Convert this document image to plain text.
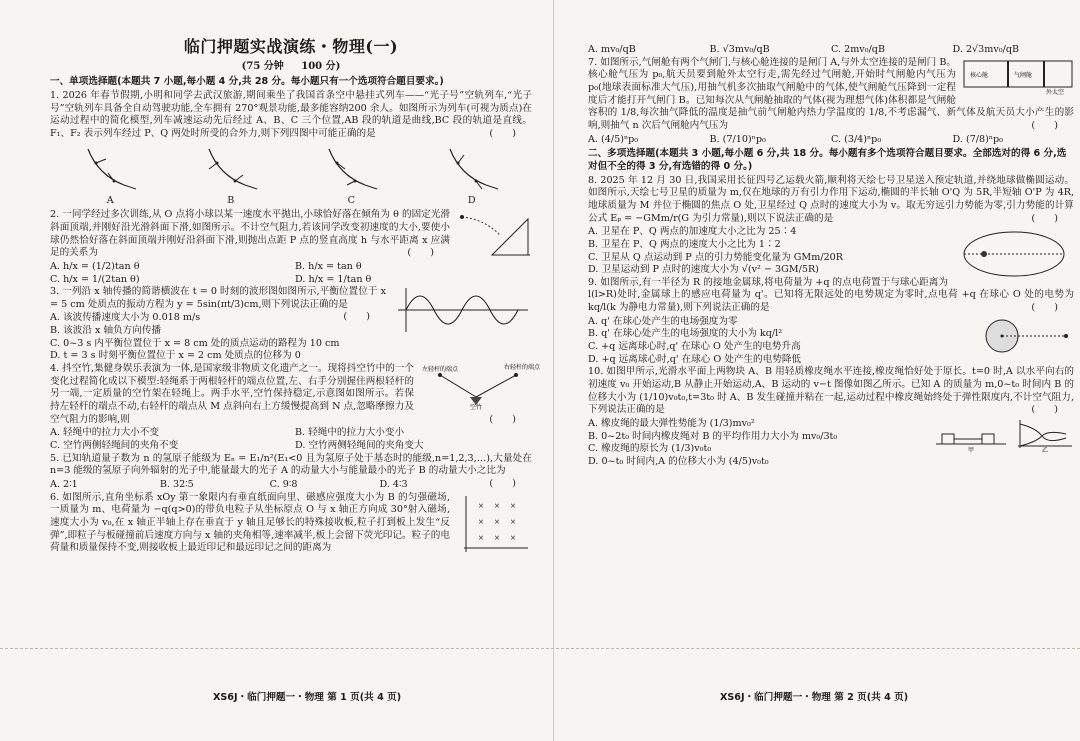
临门押题实战演练・物理(一)
(75 分钟 100 分)
一、单项选择题(本题共 7 小题,每小题 4 分,共 28 分。每小题只有一个选项符合题目要求。)
1. 2026 年春节假期,小明和同学去武汉旅游,期间乘坐了我国首条空中悬挂式列车——“光子号”空轨列车,“光子号”空轨列车具备全自动驾驶功能,全车拥有 270°观景功能,最多能容纳200 余人。如图所示为列车(可视为质点)在运动过程中的简化模型,列车减速运动先后经过 A、B、C 三个位置,AB 段的轨道是曲线,BC 段的轨道是直线。F₁、F₂ 表示列车经过 P、Q 两处时所受的合外力,则下列四图中可能正确的是	(　　)
A	B	C	D
2. 一同学经过多次训练,从 O 点将小球以某一速度水平抛出,小球恰好落在倾角为 θ 的固定光滑斜面顶端,并刚好沿光滑斜面下滑,如图所示。不计空气阻力,若该同学改变初速度的大小,要使小球仍然恰好落在斜面顶端并刚好沿斜面下滑,则抛出点距 P 点的竖直高度 h 与水平距离 x 应满足的关系为	(　　)
A. h/x = (1/2)tan θ	B. h/x = tan θ
C. h/x = 1/(2tan θ)	D. h/x = 1/tan θ
3. 一列沿 x 轴传播的简谐横波在 t = 0 时刻的波形图如图所示,平衡位置位于 x = 5 cm 处质点的振动方程为 y = 5sin(πt/3)cm,则下列说法正确的是
(　　)
A. 该波传播速度大小为 0.018 m/s
B. 该波沿 x 轴负方向传播
C. 0~3 s 内平衡位置位于 x = 8 cm 处的质点运动的路程为 10 cm
D. t = 3 s 时刻平衡位置位于 x = 2 cm 处质点的位移为 0
左轻杆的端点	右轻杆的端点
空竹
4. 抖空竹,集健身娱乐表演为一体,是国家级非物质文化遗产之一。现将抖空竹中的一个变化过程简化成以下模型:轻绳系于两根轻杆的端点位置,左、右手分别握住两根轻杆的另一端,一定质量的空竹架在轻绳上。两手水平,空竹保持稳定,示意图如图所示。若保持左轻杆的端点不动,右轻杆的端点从 M 点斜向右上方缓慢提高到 N 点,忽略摩擦力及空气阻力的影响,则	(　　)
A. 轻绳中的拉力大小不变	B. 轻绳中的拉力大小变小
C. 空竹两侧轻绳间的夹角不变	D. 空竹两侧轻绳间的夹角变大
5. 已知轨道量子数为 n 的氢原子能级为 Eₙ = E₁/n²(E₁<0 且为氢原子处于基态时的能级,n=1,2,3,…),大量处在 n=3 能级的氢原子向外辐射的光子中,能量最大的光子 A 的动量大小与能量最小的光子 B 的动量大小之比为
(　　)
A. 2∶1	B. 32∶5	C. 9∶8	D. 4∶3
× × ×
× × ×
× × ×
6. 如图所示,直角坐标系 xOy 第一象限内有垂直纸面向里、磁感应强度大小为 B 的匀强磁场,一质量为 m、电荷量为 −q(q>0)的带负电粒子从坐标原点 O 与 x 轴正方向成 30°射入磁场,速度大小为 v₀,在 x 轴正半轴上存在垂直于 y 轴且足够长的特殊接收板,粒子打到板上发生“反弹”,即粒子与板碰撞前后速度方向与 x 轴的夹角相等,速率减半,板上会留下荧光印记。粒子的电荷量和质量保持不变,则接收板上最近印记和最远印记之间的距离为
A. mv₀/qB	B. √3mv₀/qB	C. 2mv₀/qB	D. 2√3mv₀/qB
核心舱	气闸舱
外太空
7. 如图所示,气闸舱有两个气闸门,与核心舱连接的是闸门 A,与外太空连接的是闸门 B。核心舱气压为 p₀,航天员要到舱外太空行走,需先经过气闸舱,开始时气闸舱内气压为 p₀(地球表面标准大气压),用抽气机多次抽取气闸舱中的气体,使气闸舱气压降到一定程度后才能打开气闸门 B。已知每次从气闸舱抽取的气体(视为理想气体)体积都是气闸舱容积的 1/8,每次抽气降低的温度是抽气前气闸舱内热力学温度的 1/8,不考虑漏气、新气体及航天员大小产生的影响,则抽气 n 次后气闸舱内气压为	(　　)
A. (4/5)ⁿp₀	B. (7/10)ⁿp₀	C. (3/4)ⁿp₀	D. (7/8)ⁿp₀
二、多项选择题(本题共 3 小题,每小题 6 分,共 18 分。每小题有多个选项符合题目要求。全部选对的得 6 分,选对但不全的得 3 分,有选错的得 0 分。)
8. 2025 年 12 月 30 日,我国采用长征四号乙运载火箭,顺利将天绘七号卫星送入预定轨道,并绕地球做椭圆运动。如图所示,天绘七号卫星的质量为 m,仅在地球的万有引力作用下运动,椭圆的半长轴 O'Q 为 5R,半短轴 O'P 为 4R,地球质量为 M 并位于椭圆的焦点 O 处,卫星经过 Q 点时的速度大小为 v。取无穷远引力势能为零,引力势能的计算公式 Eₚ = −GMm/r(G 为引力常量),则以下说法正确的是	(　　)
A. 卫星在 P、Q 两点的加速度大小之比为 25∶4
B. 卫星在 P、Q 两点的速度大小之比为 1∶2
C. 卫星从 Q 点运动到 P 点的引力势能变化量为 GMm/20R
D. 卫星运动到 P 点时的速度大小为 √(v² − 3GM/5R)
9. 如图所示,有一半径为 R 的接地金属球,将电荷量为 +q 的点电荷置于与球心距离为 l(l>R)处时,金属球上的感应电荷量为 q'。已知将无限远处的电势规定为零时,点电荷 +q 在球心 O 处的电势为 kq/l(k 为静电力常量),则下列说法正确的是	(　　)
A. q' 在球心处产生的电场强度为零
B. q' 在球心处产生的电场强度的大小为 kq/l²
C. +q 远离球心时,q' 在球心 O 处产生的电势升高
D. +q 远离球心时,q' 在球心 O 处产生的电势降低
10. 如图甲所示,光滑水平面上两物块 A、B 用轻质橡皮绳水平连接,橡皮绳恰好处于原长。t=0 时,A 以水平向右的初速度 v₀ 开始运动,B 从静止开始运动,A、B 运动的 v−t 图像如图乙所示。已知 A 的质量为 m,0~t₀ 时间内 B 的位移大小为 (1/10)v₀t₀,t=3t₀ 时 A、B 发生碰撞并粘在一起,运动过程中橡皮绳始终处于弹性限度内,不计空气阻力,下列说法正确的是	(　　)
甲	乙
A. 橡皮绳的最大弹性势能为 (1/3)mv₀²
B. 0~2t₀ 时间内橡皮绳对 B 的平均作用力大小为 mv₀/3t₀
C. 橡皮绳的原长为 (1/3)v₀t₀
D. 0~t₀ 时间内,A 的位移大小为 (4/5)v₀t₀
XS6J・临门押题一・物理 第 1 页(共 4 页)	XS6J・临门押题一・物理 第 2 页(共 4 页)
